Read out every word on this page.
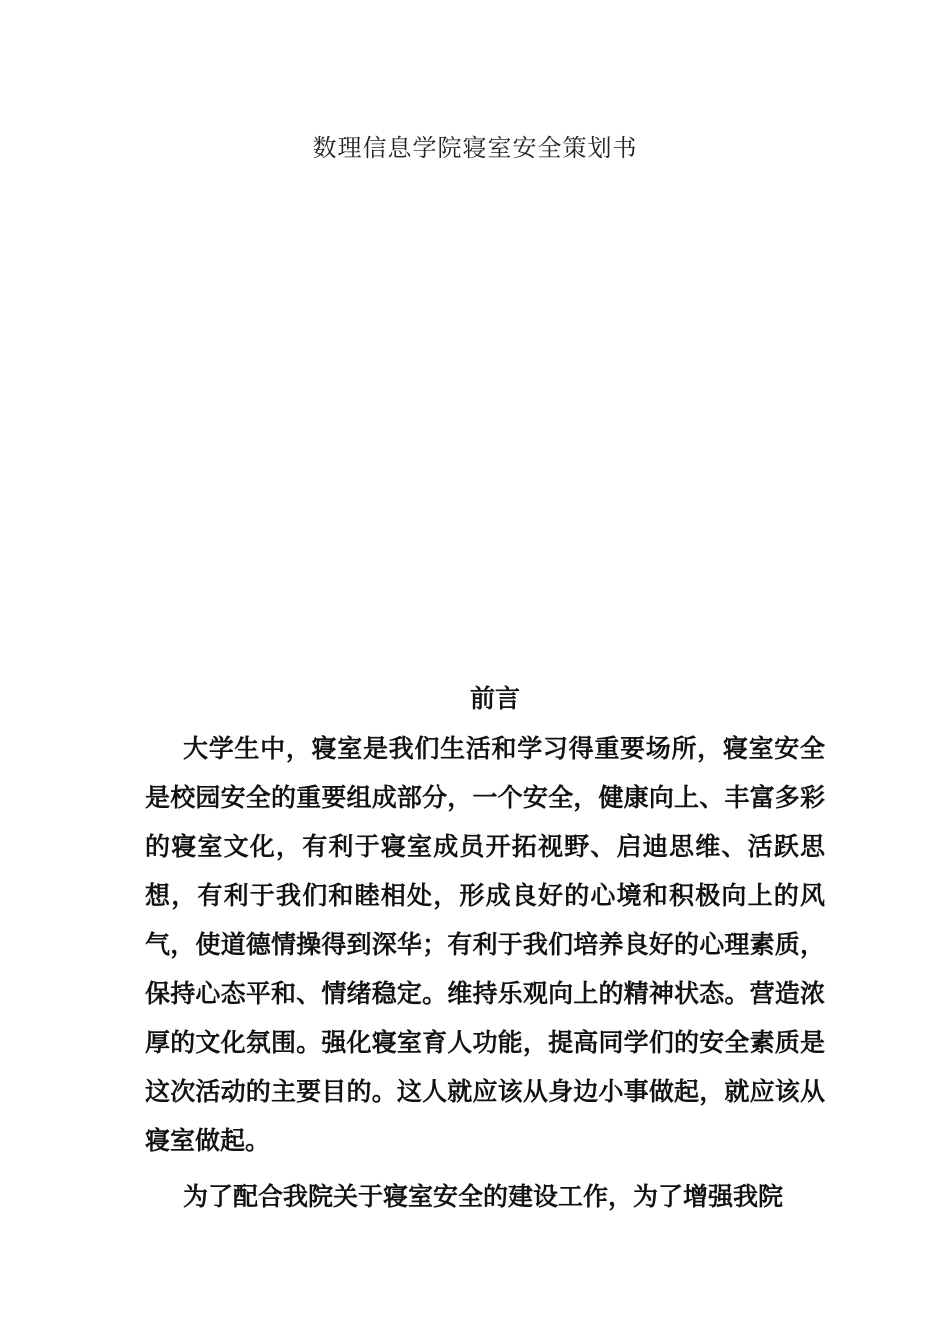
数理信息学院寝室安全策划书
前言

大学生中，寝室是我们生活和学习得重要场所，寝室安全是校园安全的重要组成部分，一个安全，健康向上、丰富多彩的寝室文化，有利于寝室成员开拓视野、启迪思维、活跃思想，有利于我们和睦相处，形成良好的心境和积极向上的风气，使道德情操得到深华；有利于我们培养良好的心理素质，保持心态平和、情绪稳定。维持乐观向上的精神状态。营造浓厚的文化氛围。强化寝室育人功能，提高同学们的安全素质是这次活动的主要目的。这人就应该从身边小事做起，就应该从寝室做起。

为了配合我院关于寝室安全的建设工作，为了增强我院
